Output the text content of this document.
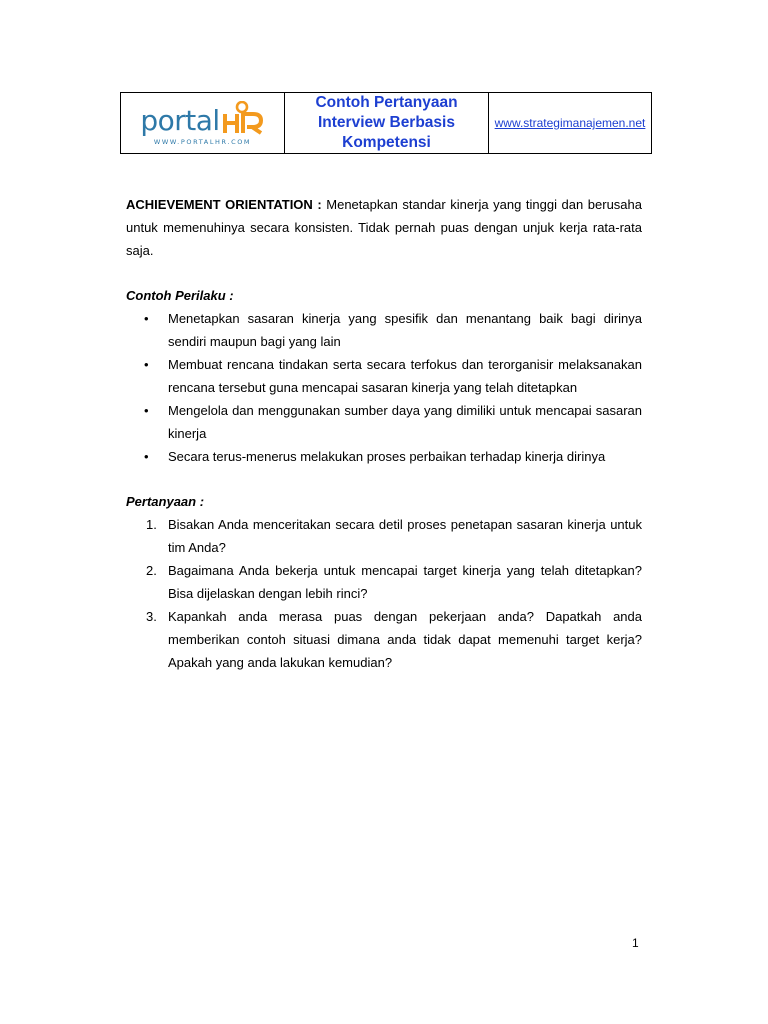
portal
WWW.PORTALHR.COM
Contoh Pertanyaan
Interview Berbasis
Kompetensi
www.strategimanajemen.net

ACHIEVEMENT ORIENTATION : Menetapkan standar kinerja yang tinggi dan berusaha untuk memenuhinya secara konsisten. Tidak pernah puas dengan unjuk kerja rata-rata saja.

Contoh Perilaku :
• Menetapkan sasaran kinerja yang spesifik dan menantang baik bagi dirinya sendiri maupun bagi yang lain
• Membuat rencana tindakan serta secara terfokus dan terorganisir melaksanakan rencana tersebut guna mencapai sasaran kinerja yang telah ditetapkan
• Mengelola dan menggunakan sumber daya yang dimiliki untuk mencapai sasaran kinerja
• Secara terus-menerus melakukan proses perbaikan terhadap kinerja dirinya
Pertanyaan :
1. Bisakan Anda menceritakan secara detil proses penetapan sasaran kinerja untuk tim Anda?
2. Bagaimana Anda bekerja untuk mencapai target kinerja yang telah ditetapkan? Bisa dijelaskan dengan lebih rinci?
3. Kapankah anda merasa puas dengan pekerjaan anda? Dapatkah anda memberikan contoh situasi dimana anda tidak dapat memenuhi target kerja? Apakah yang anda lakukan kemudian?
1
